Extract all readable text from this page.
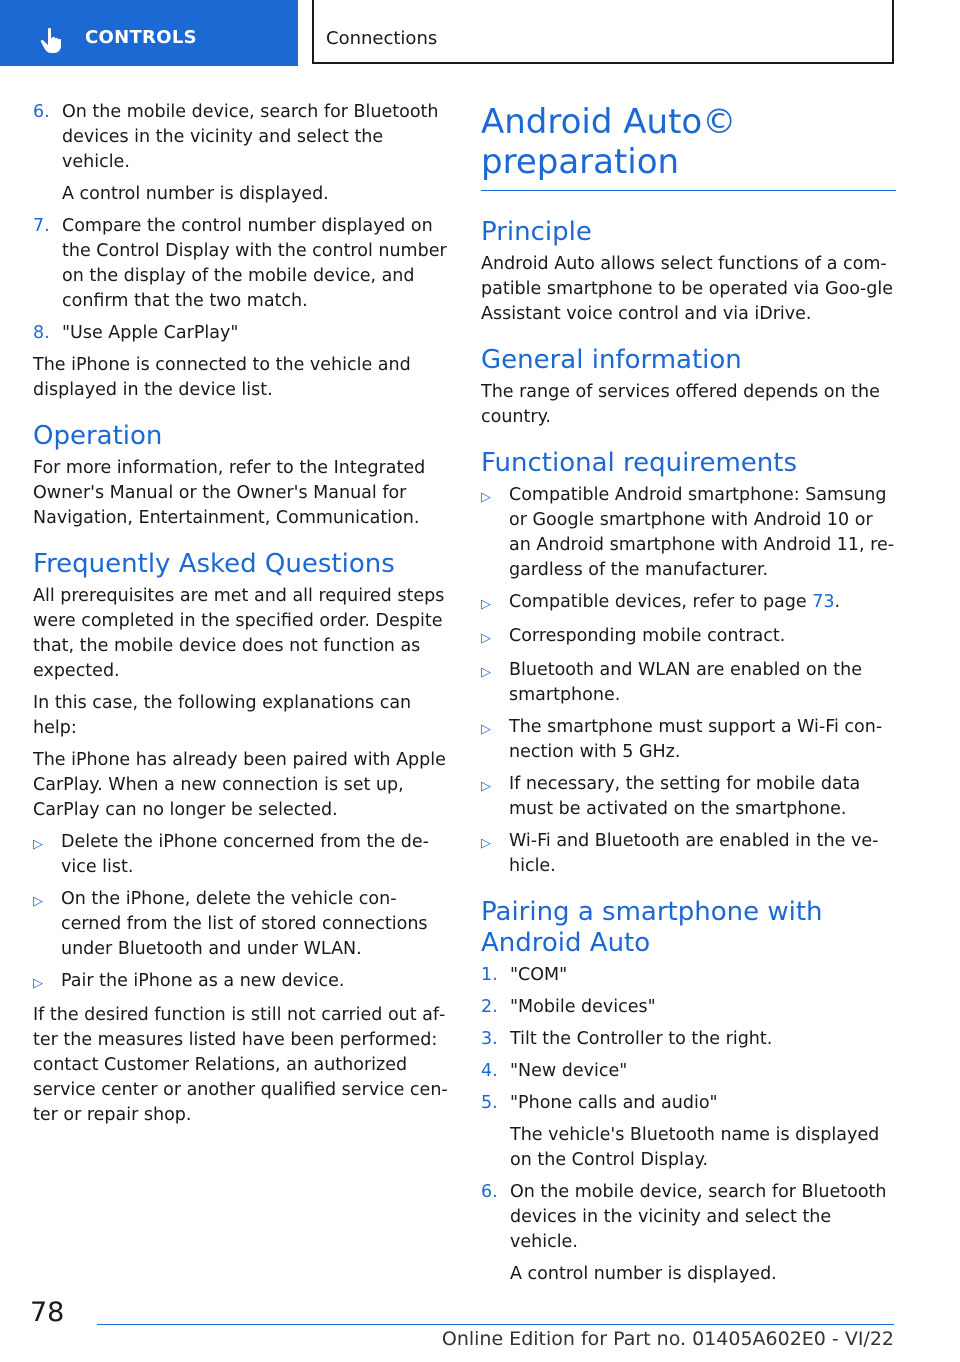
CONTROLS	Connections
6. On the mobile device, search for Bluetooth devices in the vicinity and select the vehicle.

A control number is displayed.

7. Compare the control number displayed on the Control Display with the control number on the display of the mobile device, and confirm that the two match.
8. "Use Apple CarPlay"

The iPhone is connected to the vehicle and displayed in the device list.

Operation

For more information, refer to the Integrated Owner's Manual or the Owner's Manual for Navigation, Entertainment, Communication.

Frequently Asked Questions

All prerequisites are met and all required steps were completed in the specified order. Despite that, the mobile device does not function as expected.

In this case, the following explanations can help:

The iPhone has already been paired with Apple CarPlay. When a new connection is set up, CarPlay can no longer be selected.

▷	Delete the iPhone concerned from the de‐vice list.
▷	On the iPhone, delete the vehicle con‐cerned from the list of stored connections under Bluetooth and under WLAN.
▷	Pair the iPhone as a new device.

If the desired function is still not carried out af‐ter the measures listed have been performed: contact Customer Relations, an authorized service center or another qualified service cen‐ter or repair shop.

Android Auto© preparation
Principle

Android Auto allows select functions of a com‐patible smartphone to be operated via Goo‐gle Assistant voice control and via iDrive.

General information

The range of services offered depends on the country.

Functional requirements
▷	Compatible Android smartphone: Samsung or Google smartphone with Android 10 or an Android smartphone with Android 11, re‐gardless of the manufacturer.
▷	Compatible devices, refer to page 73.
▷	Corresponding mobile contract.
▷	Bluetooth and WLAN are enabled on the smartphone.
▷	The smartphone must support a Wi-Fi con‐nection with 5 GHz.
▷	If necessary, the setting for mobile data must be activated on the smartphone.
▷	Wi-Fi and Bluetooth are enabled in the ve‐hicle.
Pairing a smartphone with Android Auto
1. "COM"
2. "Mobile devices"
3. Tilt the Controller to the right.
4. "New device"
5. "Phone calls and audio"

The vehicle's Bluetooth name is displayed on the Control Display.

6. On the mobile device, search for Bluetooth devices in the vicinity and select the vehicle.

A control number is displayed.

78
Online Edition for Part no. 01405A602E0 - VI/22
